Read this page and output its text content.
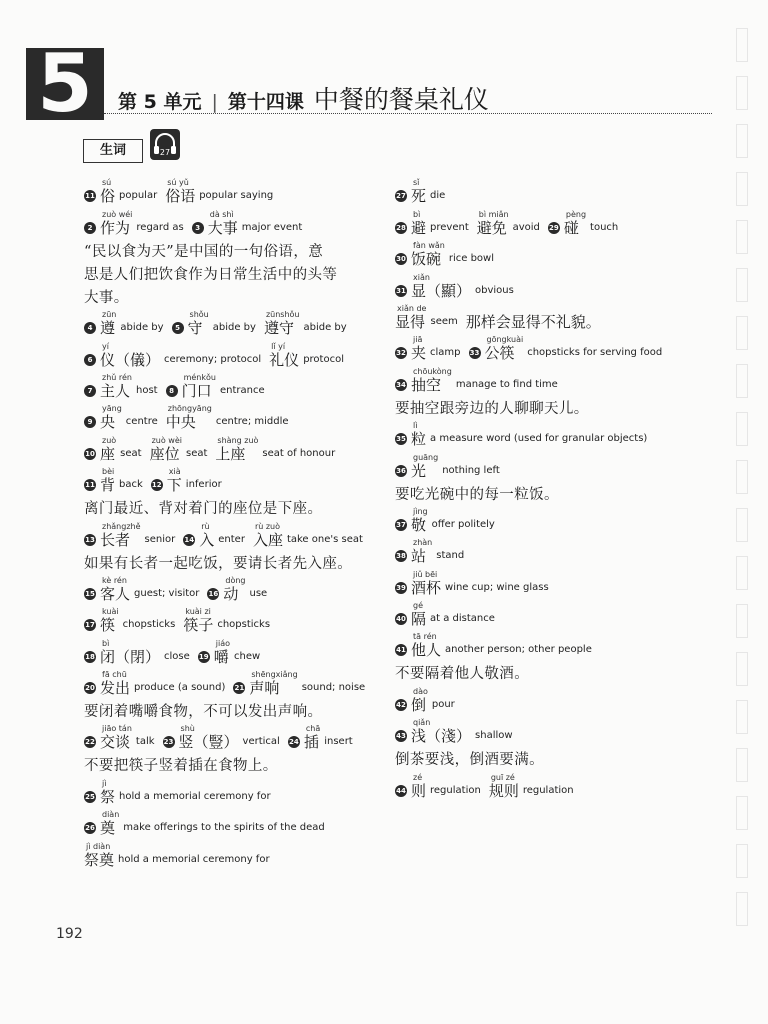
5	第 5 单元 | 第十四课 中餐的餐桌礼仪
生词	27
11
sú
俗 popular
sú yǔ
俗语 popular saying
2
zuò wéi
作为 regard as	3
dà shì
大事 major event
“民以食为天”是中国的一句俗语，意
思是人们把饮食作为日常生活中的头等
大事。
4
zūn
遵 abide by	5
shǒu
守 abide by
zūnshǒu
遵守 abide by
6
yí
仪（儀） ceremony; protocol
lǐ yí
礼仪 protocol
7
zhǔ rén
主人 host	8
ménkǒu
门口 entrance
9
yāng
央 centre
zhōngyāng
中央 centre; middle
10
zuò
座 seat
zuò wèi
座位 seat
shàng zuò
上座 seat of honour
11
bèi
背 back 12
xià
下 inferior
离门最近、背对着门的座位是下座。
13
zhǎngzhě
长者 senior 14
rù
入 enter
rù zuò
入座 take one's seat
如果有长者一起吃饭，要请长者先入座。
15
kè rén
客人 guest; visitor 16
dòng
动 use
17
kuài
筷 chopsticks
kuài zi
筷子 chopsticks
18
bì
闭（閉） close 19
jiáo
嚼 chew
20
fā chū
发出 produce (a sound) 21
shēngxiǎng
声响 sound; noise
要闭着嘴嚼食物，不可以发出声响。
22
jiāo tán
交谈 talk 23
shù
竖（豎） vertical 24
chā
插 insert
不要把筷子竖着插在食物上。
25
jì
祭 hold a memorial ceremony for
26
diàn
奠 make offerings to the spirits of the dead
jì diàn
祭奠 hold a memorial ceremony for
27
sǐ
死 die
28
bì
避 prevent
bì miǎn
避免 avoid 29
pèng
碰 touch
30
fàn wǎn
饭碗 rice bowl
31
xiǎn
显（顯） obvious
xiǎn de
显得 seem 那样会显得不礼貌。
32
jiā
夹 clamp 33
gōngkuài
公筷 chopsticks for serving food
34
chōukòng
抽空 manage to find time
要抽空跟旁边的人聊聊天儿。
35
lì
粒 a measure word (used for granular objects)
36
guāng
光 nothing left
要吃光碗中的每一粒饭。
37
jìng
敬 offer politely
38
zhàn
站 stand
39
jiǔ bēi
酒杯 wine cup; wine glass
40
gé
隔 at a distance
41
tā rén
他人 another person; other people
不要隔着他人敬酒。
42
dào
倒 pour
43
qiǎn
浅（淺） shallow
倒茶要浅，倒酒要满。
44
zé
则 regulation
guī zé
规则 regulation
192
